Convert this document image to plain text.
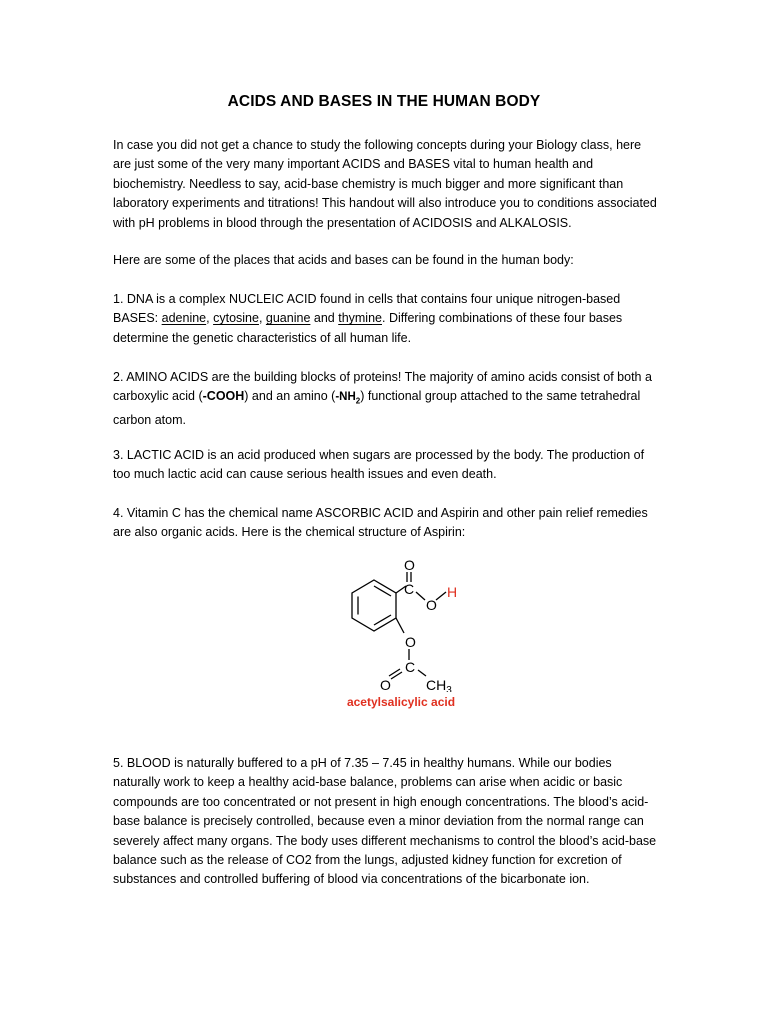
ACIDS AND BASES IN THE HUMAN BODY
In case you did not get a chance to study the following concepts during your Biology class, here are just some of the very many important ACIDS and BASES vital to human health and biochemistry. Needless to say, acid-base chemistry is much bigger and more significant than laboratory experiments and titrations! This handout will also introduce you to conditions associated with pH problems in blood through the presentation of ACIDOSIS and ALKALOSIS.
Here are some of the places that acids and bases can be found in the human body:
1. DNA is a complex NUCLEIC ACID found in cells that contains four unique nitrogen-based BASES: adenine, cytosine, guanine and thymine. Differing combinations of these four bases determine the genetic characteristics of all human life.
2. AMINO ACIDS are the building blocks of proteins! The majority of amino acids consist of both a carboxylic acid (-COOH) and an amino $(-NH_2)$ functional group attached to the same tetrahedral carbon atom.
3. LACTIC ACID is an acid produced when sugars are processed by the body. The production of too much lactic acid can cause serious health issues and even death.
4. Vitamin C has the chemical name ASCORBIC ACID and Aspirin and other pain relief remedies are also organic acids. Here is the chemical structure of Aspirin:
O
C
O
H
O
C
O	$CH_3$
acetylsalicylic acid
5. BLOOD is naturally buffered to a pH of 7.35 – 7.45 in healthy humans. While our bodies naturally work to keep a healthy acid-base balance, problems can arise when acidic or basic compounds are too concentrated or not present in high enough concentrations. The blood’s acid-base balance is precisely controlled, because even a minor deviation from the normal range can severely affect many organs. The body uses different mechanisms to control the blood’s acid-base balance such as the release of CO2 from the lungs, adjusted kidney function for excretion of substances and controlled buffering of blood via concentrations of the bicarbonate ion.
